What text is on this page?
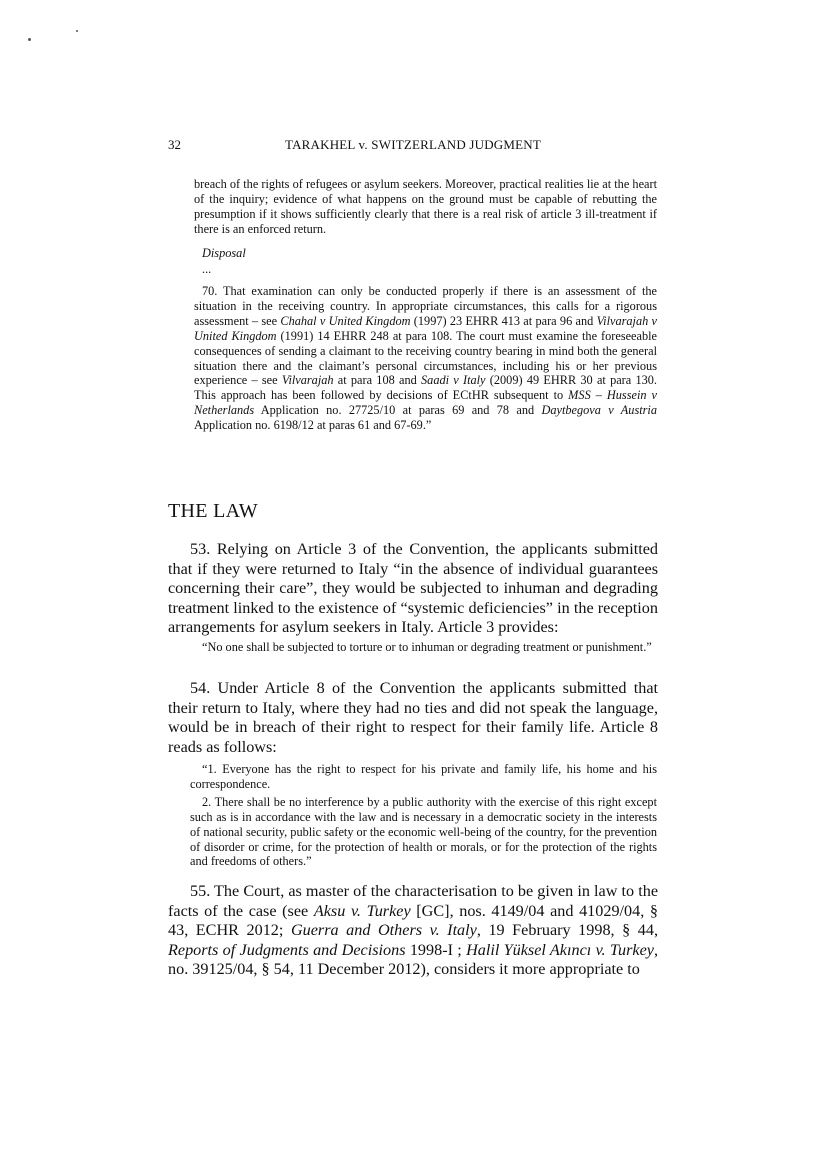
32	TARAKHEL v. SWITZERLAND JUDGMENT

breach of the rights of refugees or asylum seekers. Moreover, practical realities lie at the heart of the inquiry; evidence of what happens on the ground must be capable of rebutting the presumption if it shows sufficiently clearly that there is a real risk of article 3 ill-treatment if there is an enforced return.

Disposal
...

70. That examination can only be conducted properly if there is an assessment of the situation in the receiving country. In appropriate circumstances, this calls for a rigorous assessment – see Chahal v United Kingdom (1997) 23 EHRR 413 at para 96 and Vilvarajah v United Kingdom (1991) 14 EHRR 248 at para 108. The court must examine the foreseeable consequences of sending a claimant to the receiving country bearing in mind both the general situation there and the claimant’s personal circumstances, including his or her previous experience – see Vilvarajah at para 108 and Saadi v Italy (2009) 49 EHRR 30 at para 130. This approach has been followed by decisions of ECtHR subsequent to MSS – Hussein v Netherlands Application no. 27725/10 at paras 69 and 78 and Daytbegova v Austria Application no. 6198/12 at paras 61 and 67-69.”

THE LAW

53. Relying on Article 3 of the Convention, the applicants submitted that if they were returned to Italy “in the absence of individual guarantees concerning their care”, they would be subjected to inhuman and degrading treatment linked to the existence of “systemic deficiencies” in the reception arrangements for asylum seekers in Italy. Article 3 provides:

“No one shall be subjected to torture or to inhuman or degrading treatment or punishment.”

54. Under Article 8 of the Convention the applicants submitted that their return to Italy, where they had no ties and did not speak the language, would be in breach of their right to respect for their family life. Article 8 reads as follows:

“1. Everyone has the right to respect for his private and family life, his home and his correspondence.

2. There shall be no interference by a public authority with the exercise of this right except such as is in accordance with the law and is necessary in a democratic society in the interests of national security, public safety or the economic well-being of the country, for the prevention of disorder or crime, for the protection of health or morals, or for the protection of the rights and freedoms of others.”

55. The Court, as master of the characterisation to be given in law to the facts of the case (see Aksu v. Turkey [GC], nos. 4149/04 and 41029/04, § 43, ECHR 2012; Guerra and Others v. Italy, 19 February 1998, § 44, Reports of Judgments and Decisions 1998-I ; Halil Yüksel Akıncı v. Turkey, no. 39125/04, § 54, 11 December 2012), considers it more appropriate to
